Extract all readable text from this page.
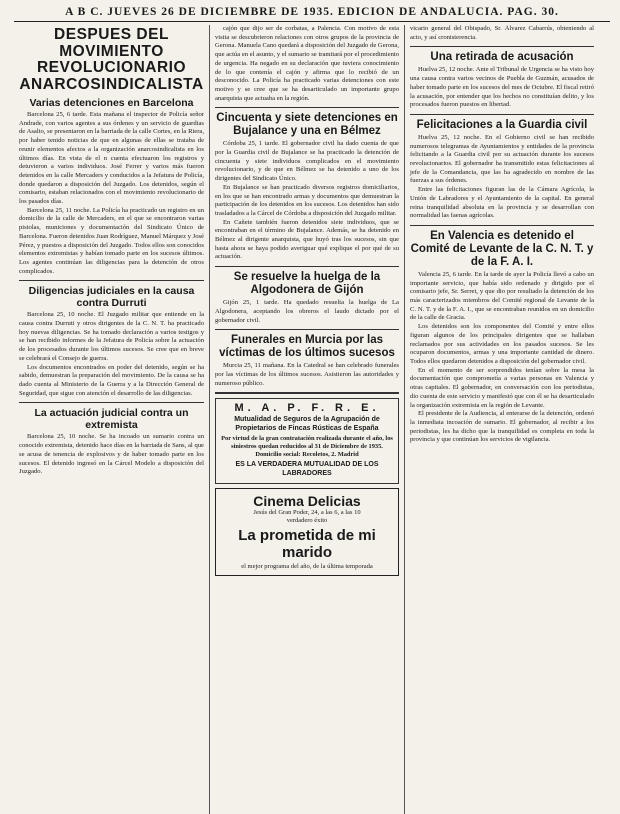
A B C. JUEVES 26 DE DICIEMBRE DE 1935. EDICION DE ANDALUCIA. PAG. 30.
DESPUES DEL MOVIMIENTO REVOLUCIONARIO ANARCOSINDICALISTA
Varias detenciones en Barcelona

Barcelona 25, 6 tarde. Esta mañana el inspector de Policía señor Andrade, con varios agentes a sus órdenes y un servicio de guardias de Asalto, se presentaron en la barriada de la calle Cortes, en la Riera, por haber tenido noticias de que en algunas de ellas se trataba de reunir elementos afectos a la organización anarcosindicalista en los últimos días. En vista de el n cuenta efectuaron los registros y detuvieron a varios individuos. José Ferrer y varios más fueron detenidos en la calle Mercaders y conducidos a la Jefatura de Policía, donde quedaron a disposición del Juzgado. Los detenidos, según el comisario, estaban relacionados con el movimiento revolucionario de los pasados días.

Barcelona 25, 11 noche. La Policía ha practicado un registro en un domicilio de la calle de Mercaders, en el que se encontraron varias pistolas, municiones y documentación del Sindicato Único de Barcelona. Fueron detenidos Juan Rodríguez, Manuel Márquez y José Pérez, y puestos a disposición del Juzgado. Todos ellos son conocidos elementos extremistas y habían tomado parte en los sucesos últimos. Los agentes continúan las diligencias para la detención de otros complicados.

Diligencias judiciales en la causa contra Durruti

Barcelona 25, 10 noche. El Juzgado militar que entiende en la causa contra Durruti y otros dirigentes de la C. N. T. ha practicado hoy nuevas diligencias. Se ha tomado declaración a varios testigos y se han recibido informes de la Jefatura de Policía sobre la actuación de los procesados durante los últimos sucesos. Se cree que en breve se celebrará el Consejo de guerra.

Los documentos encontrados en poder del detenido, según se ha sabido, demuestran la preparación del movimiento. De la causa se ha dado cuenta al Ministerio de la Guerra y a la Dirección General de Seguridad, que sigue con atención el desarrollo de las diligencias.

La actuación judicial contra un extremista

Barcelona 25, 10 noche. Se ha incoado un sumario contra un conocido extremista, detenido hace días en la barriada de Sans, al que se acusa de tenencia de explosivos y de haber tomado parte en los sucesos. El detenido ingresó en la Cárcel Modelo a disposición del Juzgado.

cajón que dijo ser de corbatas, a Palencia. Con motivo de esta visita se descubrieron relaciones con otros grupos de la provincia de Gerona. Manuela Cano quedará a disposición del Juzgado de Gerona, que actúa en el asunto, y el sumario se tramitará por el procedimiento de urgencia. Ha negado en su declaración que tuviera conocimiento de lo que contenía el cajón y afirma que lo recibió de un desconocido. La Policía ha practicado varias detenciones con este motivo y se cree que se ha desarticulado un importante grupo anarquista que actuaba en la región.

Cincuenta y siete detenciones en Bujalance y una en Bélmez

Córdoba 25, 1 tarde. El gobernador civil ha dado cuenta de que por la Guardia civil de Bujalance se ha practicado la detención de cincuenta y siete individuos complicados en el movimiento revolucionario, y de que en Bélmez se ha detenido a uno de los dirigentes del Sindicato Único.

En Bujalance se han practicado diversos registros domiciliarios, en los que se han encontrado armas y documentos que demuestran la participación de los detenidos en los sucesos. Los detenidos han sido trasladados a la Cárcel de Córdoba a disposición del Juzgado militar.

En Cañete también fueron detenidos siete individuos, que se encontraban en el término de Bujalance. Además, se ha detenido en Bélmez al dirigente anarquista, que huyó tras los sucesos, sin que hasta ahora se haya podido averiguar qué explique el por qué de su actuación.

Se resuelve la huelga de la Algodonera de Gijón

Gijón 25, 1 tarde. Ha quedado resuelta la huelga de La Algodonera, aceptando los obreros el laudo dictado por el gobernador civil.

Funerales en Murcia por las víctimas de los últimos sucesos

Murcia 25, 11 mañana. En la Catedral se han celebrado funerales por las víctimas de los últimos sucesos. Asistieron las autoridades y numeroso público.

M. A. P. F. R. E.
Mutualidad de Seguros de la Agrupación de Propietarios de Fincas Rústicas de España
Por virtud de la gran contratación realizada durante el año, los siniestros quedan reducidos al 31 de Diciembre de 1935. Domicilio social: Recoletos, 2. Madrid
ES LA VERDADERA MUTUALIDAD DE LOS LABRADORES
Cinema Delicias
Jesús del Gran Poder, 24, a las 6, a las 10
verdadero éxito
La prometida de mi marido
el mejor programa del año, de la última temporada

vicario general del Obispado, Sr. Álvarez Cabarrús, obteniendo al acto, y así cronisterencia.

Una retirada de acusación

Huelva 25, 12 noche. Ante el Tribunal de Urgencia se ha visto hoy una causa contra varios vecinos de Puebla de Guzmán, acusados de haber tomado parte en los sucesos del mes de Octubre. El fiscal retiró la acusación, por entender que los hechos no constituían delito, y los procesados fueron puestos en libertad.

Felicitaciones a la Guardia civil

Huelva 25, 12 noche. En el Gobierno civil se han recibido numerosos telegramas de Ayuntamientos y entidades de la provincia felicitando a la Guardia civil por su actuación durante los sucesos revolucionarios. El gobernador ha transmitido estas felicitaciones al jefe de la Comandancia, que las ha agradecido en nombre de las fuerzas a sus órdenes.

Entre las felicitaciones figuran las de la Cámara Agrícola, la Unión de Labradores y el Ayuntamiento de la capital. En general reina tranquilidad absoluta en la provincia y se desarrollan con normalidad las faenas agrícolas.

En Valencia es detenido el Comité de Levante de la C. N. T. y de la F. A. I.

Valencia 25, 6 tarde. En la tarde de ayer la Policía llevó a cabo un importante servicio, que había sido ordenado y dirigido por el comisario jefe, Sr. Serret, y que dio por resultado la detención de los más caracterizados miembros del Comité regional de Levante de la C. N. T. y de la F. A. I., que se encontraban reunidos en un domicilio de la calle de Gracia.

Los detenidos son los componentes del Comité y entre ellos figuran algunos de los principales dirigentes que se hallaban reclamados por sus actividades en los pasados sucesos. Se les ocuparon documentos, armas y una importante cantidad de dinero. Todos ellos quedaron detenidos a disposición del gobernador civil.

En el momento de ser sorprendidos tenían sobre la mesa la documentación que comprometía a varias personas en Valencia y otras capitales. El gobernador, en conversación con los periodistas, dio cuenta de este servicio y manifestó que con él se ha desarticulado la organización extremista en la región de Levante.

El presidente de la Audiencia, al enterarse de la detención, ordenó la inmediata incoación de sumario. El gobernador, al recibir a los periodistas, les ha dicho que la tranquilidad es completa en toda la provincia y que continúan los servicios de vigilancia.
